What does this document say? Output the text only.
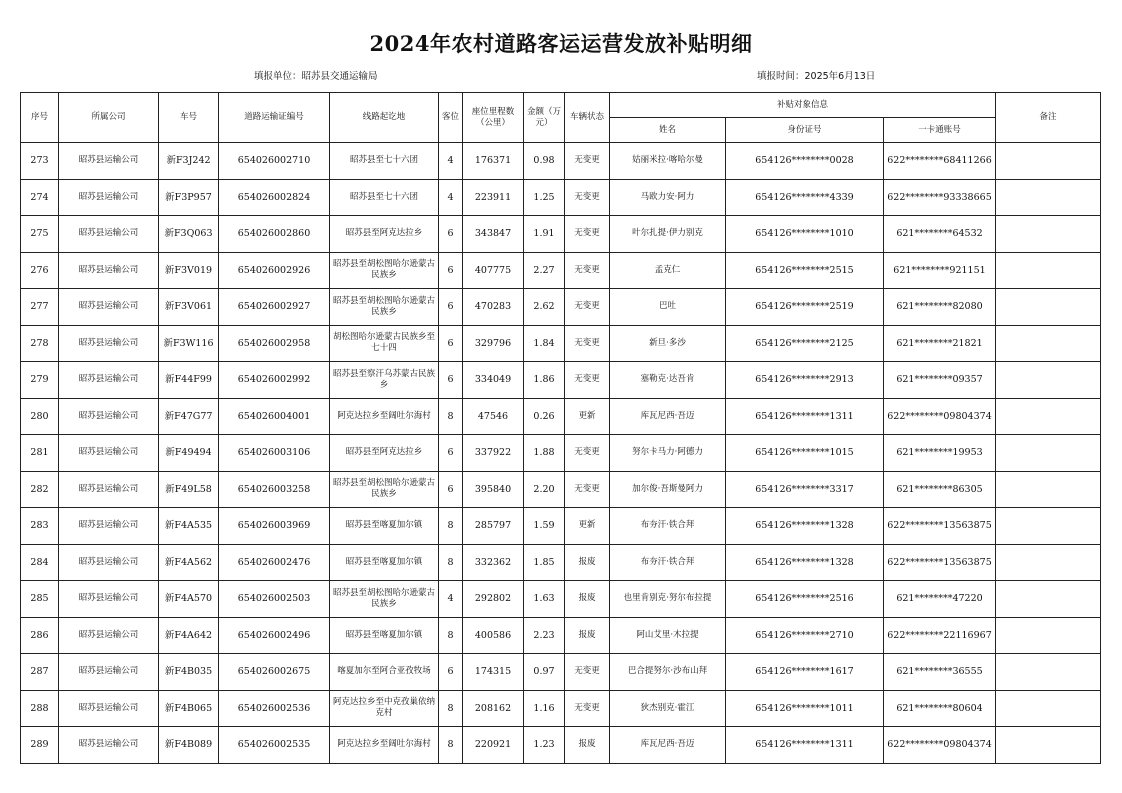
2024年农村道路客运运营发放补贴明细
填报单位：昭苏县交通运输局	填报时间：2025年6月13日
序号	所属公司	车号	道路运输证编号	线路起讫地	客位	座位里程数（公里）	金额（万元）	车辆状态	补贴对象信息			备注
									姓名	身份证号	一卡通账号	
273	昭苏县运输公司	新F3J242	654026002710	昭苏县至七十六团	4	176371	0.98	无变更	姑丽米拉·喀哈尔曼	654126********0028	622********68411266	
274	昭苏县运输公司	新F3P957	654026002824	昭苏县至七十六团	4	223911	1.25	无变更	马欧力安·阿力	654126********4339	622********93338665	
275	昭苏县运输公司	新F3Q063	654026002860	昭苏县至阿克达拉乡	6	343847	1.91	无变更	叶尔扎提·伊力别克	654126********1010	621********64532	
276	昭苏县运输公司	新F3V019	654026002926	昭苏县至胡松图哈尔逊蒙古民族乡	6	407775	2.27	无变更	孟克仁	654126********2515	621********921151	
277	昭苏县运输公司	新F3V061	654026002927	昭苏县至胡松图哈尔逊蒙古民族乡	6	470283	2.62	无变更	巴吐	654126********2519	621********82080	
278	昭苏县运输公司	新F3W116	654026002958	胡松图哈尔逊蒙古民族乡至七十四	6	329796	1.84	无变更	新旦·多沙	654126********2125	621********21821	
279	昭苏县运输公司	新F44F99	654026002992	昭苏县至察汗乌苏蒙古民族乡	6	334049	1.86	无变更	塞勒克·达吾肯	654126********2913	621********09357	
280	昭苏县运输公司	新F47G77	654026004001	阿克达拉乡至阔吐尔海村	8	47546	0.26	更新	库瓦尼西·吾迈	654126********1311	622********09804374	
281	昭苏县运输公司	新F49494	654026003106	昭苏县至阿克达拉乡	6	337922	1.88	无变更	努尔卡马力·阿德力	654126********1015	621********19953	
282	昭苏县运输公司	新F49L58	654026003258	昭苏县至胡松图哈尔逊蒙古民族乡	6	395840	2.20	无变更	加尔俊·吾斯曼阿力	654126********3317	621********86305	
283	昭苏县运输公司	新F4A535	654026003969	昭苏县至喀夏加尔镇	8	285797	1.59	更新	布夯汗·铁合拜	654126********1328	622********13563875	
284	昭苏县运输公司	新F4A562	654026002476	昭苏县至喀夏加尔镇	8	332362	1.85	报废	布夯汗·铁合拜	654126********1328	622********13563875	
285	昭苏县运输公司	新F4A570	654026002503	昭苏县至胡松图哈尔逊蒙古民族乡	4	292802	1.63	报废	也里肯别克·努尔布拉提	654126********2516	621********47220	
286	昭苏县运输公司	新F4A642	654026002496	昭苏县至喀夏加尔镇	8	400586	2.23	报废	阿山艾里·木拉提	654126********2710	622********22116967	
287	昭苏县运输公司	新F4B035	654026002675	喀夏加尔至阿合亚孜牧场	6	174315	0.97	无变更	巴合提努尔·沙布山拜	654126********1617	621********36555	
288	昭苏县运输公司	新F4B065	654026002536	阿克达拉乡至中克孜巢依纳克村	8	208162	1.16	无变更	狄杰别克·霍江	654126********1011	621********80604	
289	昭苏县运输公司	新F4B089	654026002535	阿克达拉乡至阔吐尔海村	8	220921	1.23	报废	库瓦尼西·吾迈	654126********1311	622********09804374	
